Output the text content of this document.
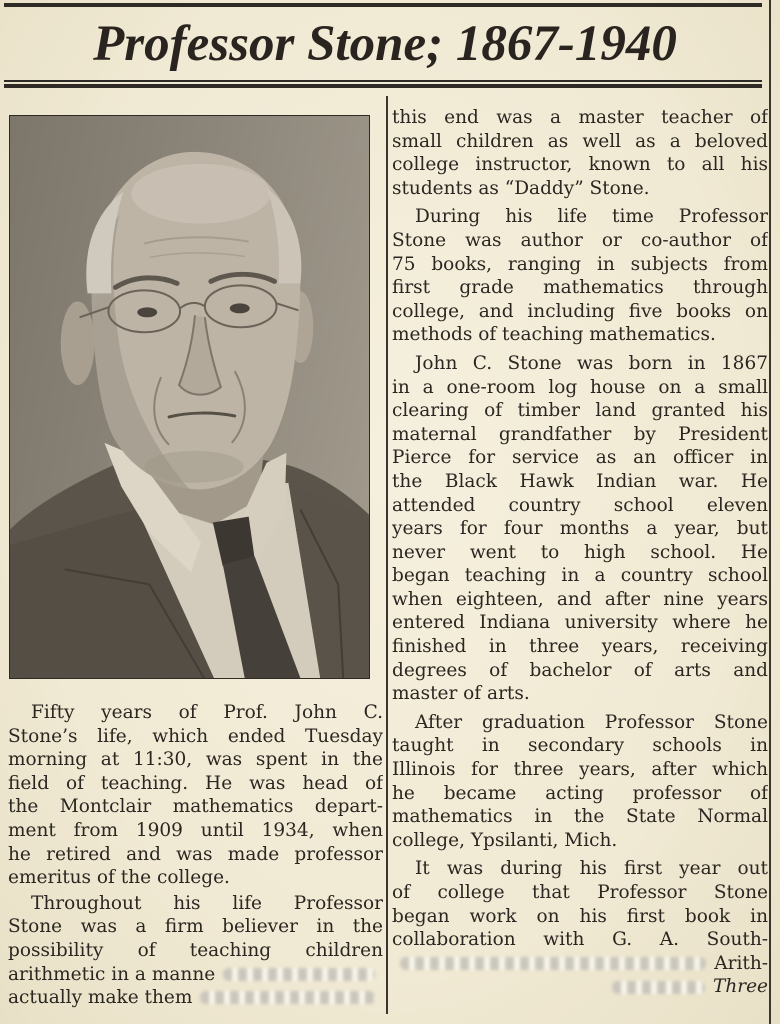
Professor Stone; 1867-1940
Fifty years of Prof. John C.
Stone’s life, which ended Tuesday
morning at 11:30, was spent in the
field of teaching. He was head of
the Montclair mathematics depart-
ment from 1909 until 1934, when
he retired and was made professor
emeritus of the college.
Throughout his life Professor
Stone was a firm believer in the
possibility of teaching children
arithmetic in a manne
actually make them
this end was a master teacher of
small children as well as a beloved
college instructor, known to all his
students as “Daddy” Stone.
During his life time Professor
Stone was author or co-author of
75 books, ranging in subjects from
first grade mathematics through
college, and including five books on
methods of teaching mathematics.
John C. Stone was born in 1867
in a one-room log house on a small
clearing of timber land granted his
maternal grandfather by President
Pierce for service as an officer in
the Black Hawk Indian war. He
attended country school eleven
years for four months a year, but
never went to high school. He
began teaching in a country school
when eighteen, and after nine years
entered Indiana university where he
finished in three years, receiving
degrees of bachelor of arts and
master of arts.
After graduation Professor Stone
taught in secondary schools in
Illinois for three years, after which
he became acting professor of
mathematics in the State Normal
college, Ypsilanti, Mich.
It was during his first year out
of college that Professor Stone
began work on his first book in
collaboration with G. A. South-
Arith-
Three
